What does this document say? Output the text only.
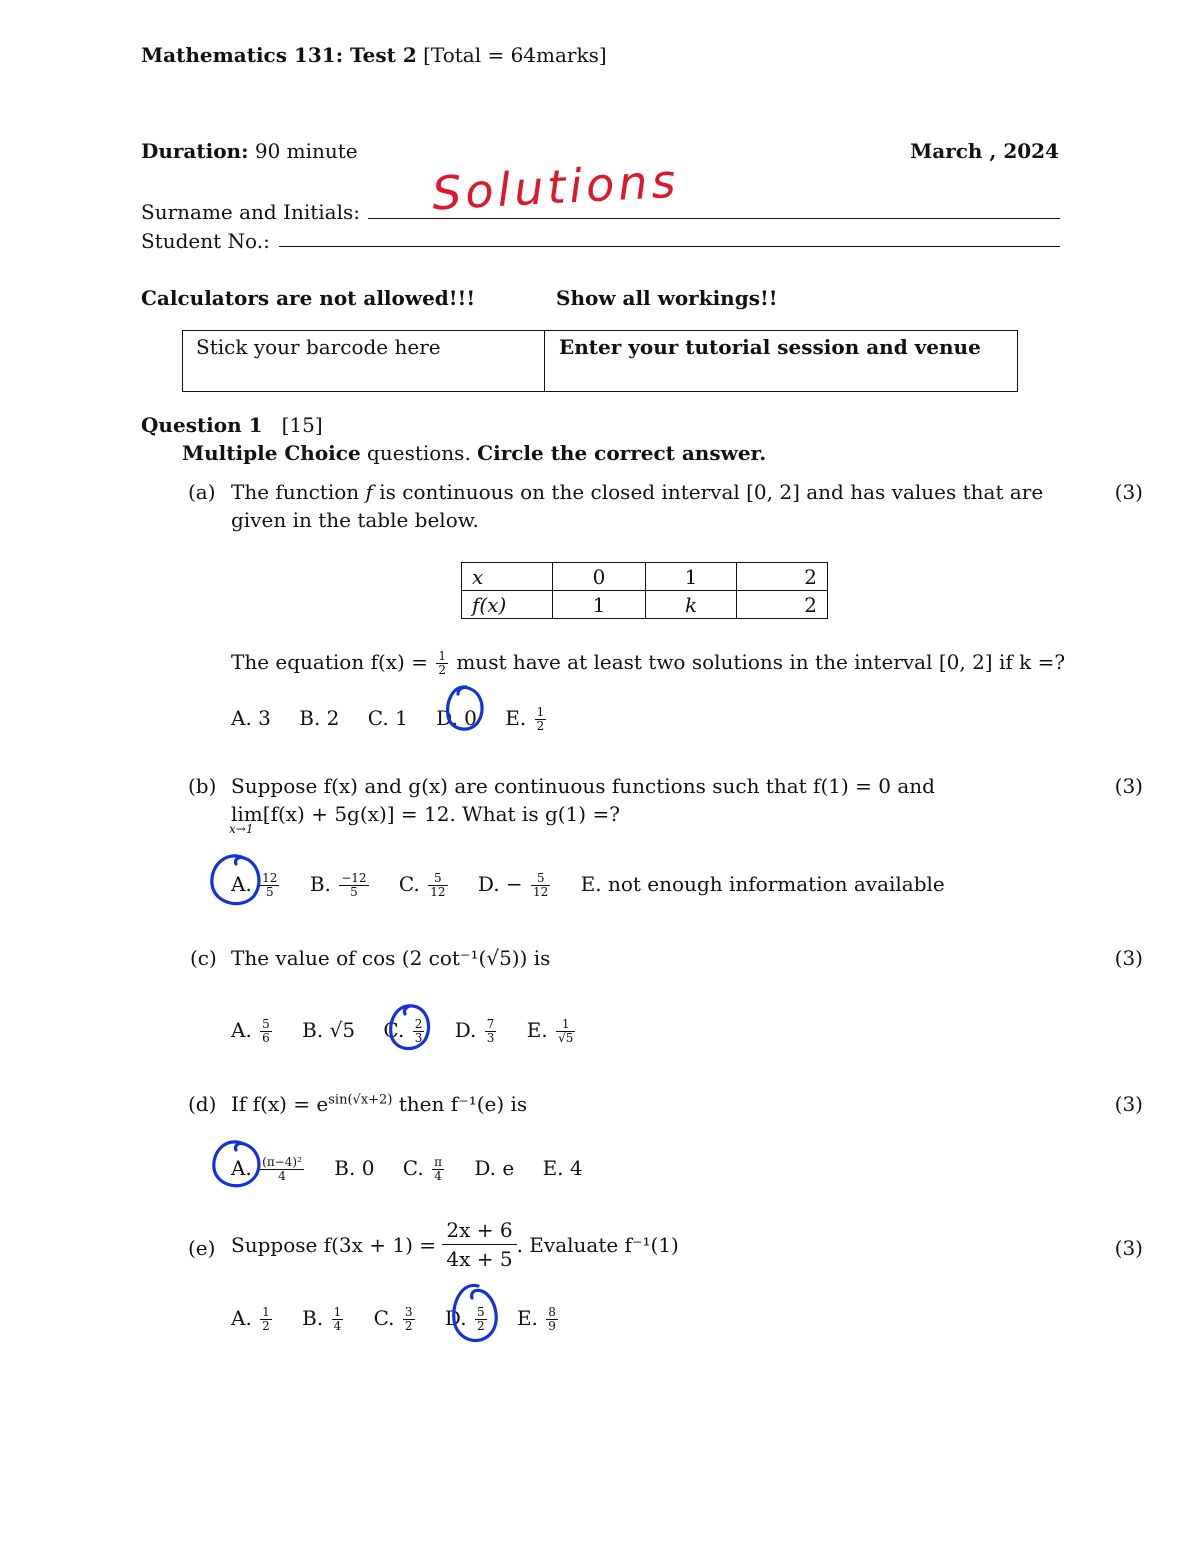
Mathematics 131: Test 2 [Total = 64marks]
Duration: 90 minute	March , 2024
Solutions
Surname and Initials:
Student No.:
Calculators are not allowed!!!	Show all workings!!
Stick your barcode here	Enter your tutorial session and venue
Question 1 [15]
Multiple Choice questions. Circle the correct answer.
(a) The function f is continuous on the closed interval [0, 2] and has values that are
given in the table below.
(3)
x	0	1	2
f(x)	1	k	2
The equation $f(x) = \frac{1}{2}$ must have at least two solutions in the interval [0, 2] if k =?
A. 3 B. 2 C. 1 D. 0 E. $\frac{1}{2}$
(b) Suppose f(x) and g(x) are continuous functions such that f(1) = 0 and	(3)
lim
x→1
[f(x) + 5g(x)] = 12. What is g(1) =?
A. $\frac{12}{5} B$. $\frac{-12}{5} C$. $\frac{5}{12} D$. − $\frac{5}{12} E$. not enough information available
(c) The value of cos (2 cot⁻¹(√5)) is	(3)
A. $\frac{5}{6} B$. √5 C. $\frac{2}{3} D$. $\frac{7}{3} E$. $\frac{1}{√5}$
(d) If $f(x) = e^{sin(√x+2)}$ then f⁻¹(e) is	(3)
A. $\frac{\text{(π−4)²}}{4} B$. 0 C. $\frac{\pi}{4} D$. e E. 4
(e) Suppose $f(3x + 1) = \frac{2x + 6}{4x + 5}$ . Evaluate f⁻¹(1)	(3)
A. $\frac{1}{2} B$. $\frac{1}{4} C$. $\frac{3}{2} D$. $\frac{5}{2} E$. $\frac{8}{9}$
